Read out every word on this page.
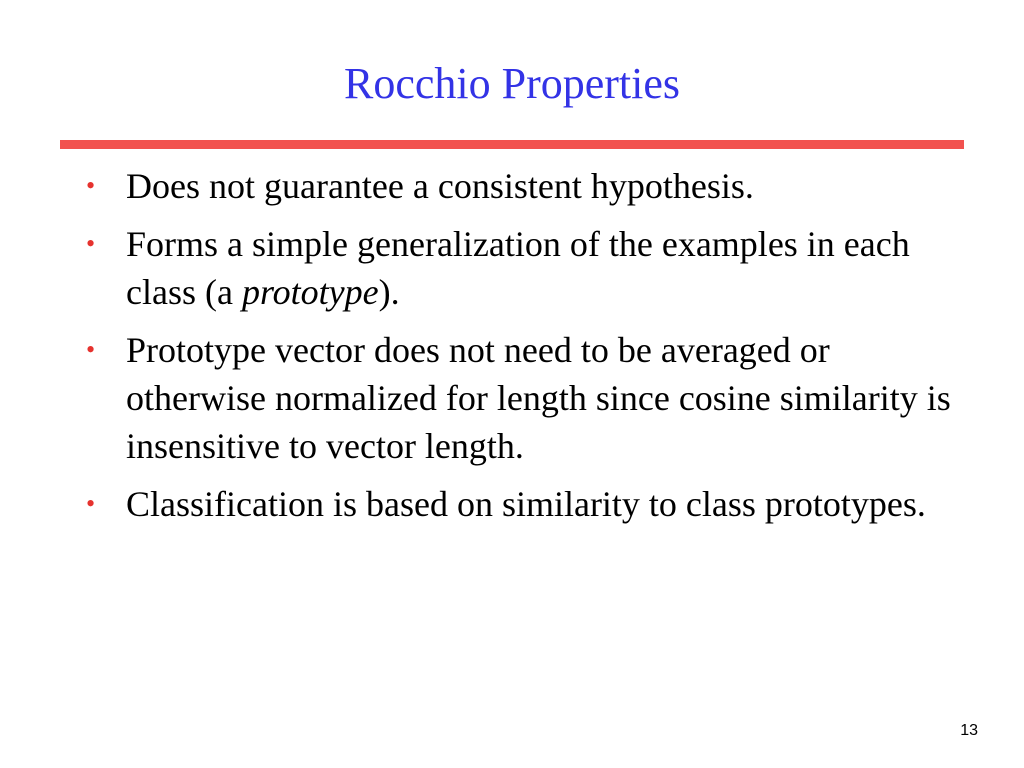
Rocchio Properties
• Does not guarantee a consistent hypothesis.
• Forms a simple generalization of the examples in each class (a prototype).
• Prototype vector does not need to be averaged or otherwise normalized for length since cosine similarity is insensitive to vector length.
• Classification is based on similarity to class prototypes.
13
